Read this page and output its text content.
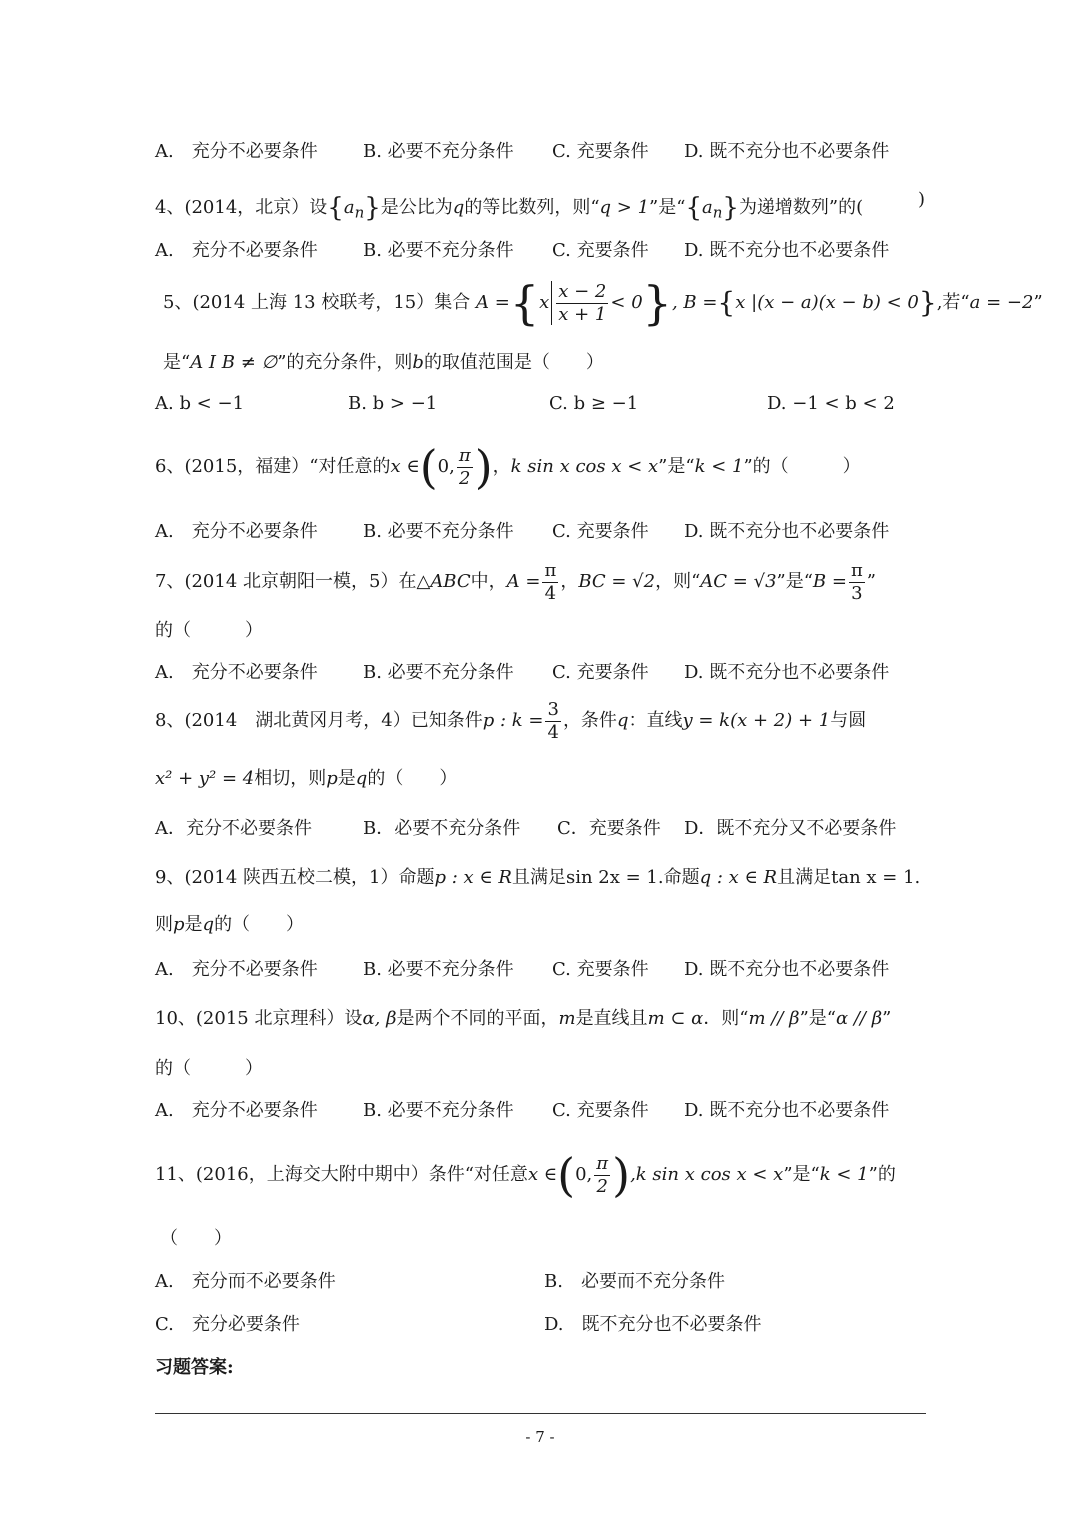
A.　充分不必要条件	B. 必要不充分条件 C. 充要条件 D. 既不充分也不必要条件
4、(2014，北京）设$\{a_n\}$是公比为q的等比数列，则“q > 1”是“$\{a_n\}$为递增数列”的(	)
A.　充分不必要条件	B. 必要不充分条件 C. 充要条件 D. 既不充分也不必要条件
5、(2014 上海 13 校联考，15）集合 $A =\{x \frac{x - 2}{x + 1} < 0\}$, B ={x |(x − a)(x − b) < 0},若“a = −2”
是“A I B ≠ ∅”的充分条件，则b的取值范围是（　　）
A. b < −1	B. b > −1	C. b ≥ −1	D. −1 < b < 2
6、(2015，福建）“对任意的x ∈(0, $\frac{\pi}{2}$ )，k sin x cos x < x”是“k < 1”的（　　　）
A.　充分不必要条件	B. 必要不充分条件 C. 充要条件 D. 既不充分也不必要条件
7、(2014 北京朝阳一模，5）在△ABC中，$A = \frac{\pi}{4}$ ，BC = √2，则“AC = √3”是“$B = \frac{\pi}{3}$ ”
的（　　　）
A.　充分不必要条件	B. 必要不充分条件 C. 充要条件 D. 既不充分也不必要条件
8、(2014　湖北黄冈月考，4）已知条件p : $k = \frac{3}{4}$ ，条件q：直线y = k(x + 2) + 1与圆
x² + y² = 4相切，则p是q的（　　）
A．充分不必要条件	B．必要不充分条件 C．充要条件 D．既不充分又不必要条件
9、(2014 陕西五校二模，1）命题p : x ∈ R且满足sin 2x = 1.命题q : x ∈ R且满足tan x = 1.
则p是q的（　　）
A.　充分不必要条件	B. 必要不充分条件 C. 充要条件 D. 既不充分也不必要条件
10、(2015 北京理科）设α, β是两个不同的平面，m是直线且m ⊂ α．则“m // β”是“α // β”
的（　　　）
A.　充分不必要条件	B. 必要不充分条件 C. 充要条件 D. 既不充分也不必要条件
11、(2016，上海交大附中期中）条件“对任意x ∈(0, $\frac{\pi}{2} ),k$ sin x cos x < x”是“k < 1”的
（　　）
A.　充分而不必要条件	B.　必要而不充分条件
C.　充分必要条件	D.　既不充分也不必要条件
习题答案:
- 7 -
